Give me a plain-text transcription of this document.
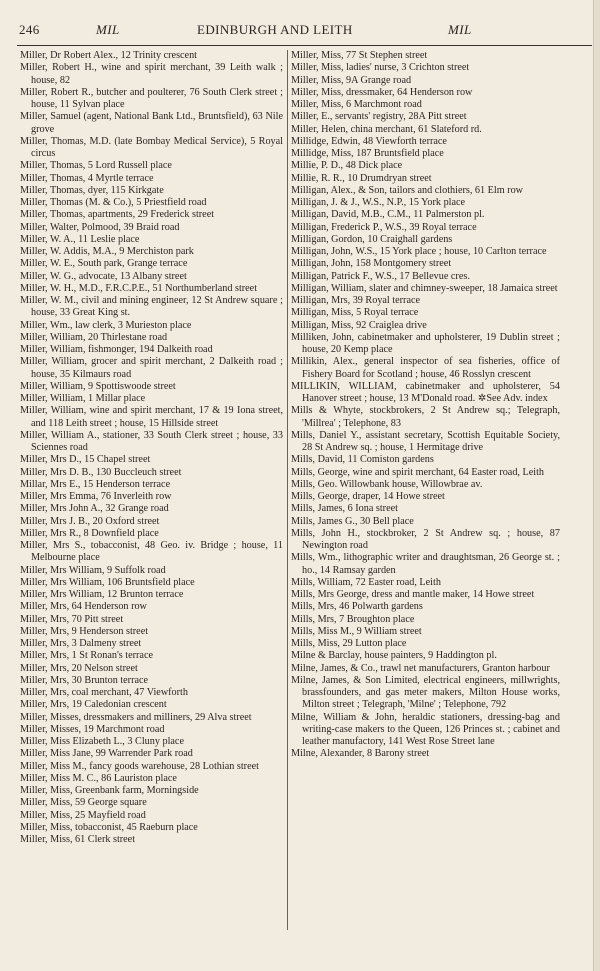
246	MIL	EDINBURGH AND LEITH	MIL
Miller, Dr Robert Alex., 12 Trinity crescent
Miller, Robert H., wine and spirit merchant, 39 Leith walk ; house, 82
Miller, Robert R., butcher and poulterer, 76 South Clerk street ; house, 11 Sylvan place
Miller, Samuel (agent, National Bank Ltd., Bruntsfield), 63 Nile grove
Miller, Thomas, M.D. (late Bombay Medical Service), 5 Royal circus
Miller, Thomas, 5 Lord Russell place
Miller, Thomas, 4 Myrtle terrace
Miller, Thomas, dyer, 115 Kirkgate
Miller, Thomas (M. & Co.), 5 Priestfield road
Miller, Thomas, apartments, 29 Frederick street
Miller, Walter, Polmood, 39 Braid road
Miller, W. A., 11 Leslie place
Miller, W. Addis, M.A., 9 Merchiston park
Miller, W. E., South park, Grange terrace
Miller, W. G., advocate, 13 Albany street
Miller, W. H., M.D., F.R.C.P.E., 51 Northumberland street
Miller, W. M., civil and mining engineer, 12 St Andrew square ; house, 33 Great King st.
Miller, Wm., law clerk, 3 Murieston place
Miller, William, 20 Thirlestane road
Miller, William, fishmonger, 194 Dalkeith road
Miller, William, grocer and spirit merchant, 2 Dalkeith road ; house, 35 Kilmaurs road
Miller, William, 9 Spottiswoode street
Miller, William, 1 Millar place
Miller, William, wine and spirit merchant, 17 & 19 Iona street, and 118 Leith street ; house, 15 Hillside street
Miller, William A., stationer, 33 South Clerk street ; house, 33 Sciennes road
Miller, Mrs D., 15 Chapel street
Miller, Mrs D. B., 130 Buccleuch street
Millar, Mrs E., 15 Henderson terrace
Miller, Mrs Emma, 76 Inverleith row
Miller, Mrs John A., 32 Grange road
Miller, Mrs J. B., 20 Oxford street
Miller, Mrs R., 8 Downfield place
Miller, Mrs S., tobacconist, 48 Geo. iv. Bridge ; house, 11 Melbourne place
Miller, Mrs William, 9 Suffolk road
Miller, Mrs William, 106 Bruntsfield place
Miller, Mrs William, 12 Brunton terrace
Miller, Mrs, 64 Henderson row
Miller, Mrs, 70 Pitt street
Miller, Mrs, 9 Henderson street
Miller, Mrs, 3 Dalmeny street
Miller, Mrs, 1 St Ronan's terrace
Miller, Mrs, 20 Nelson street
Miller, Mrs, 30 Brunton terrace
Miller, Mrs, coal merchant, 47 Viewforth
Miller, Mrs, 19 Caledonian crescent
Miller, Misses, dressmakers and milliners, 29 Alva street
Miller, Misses, 19 Marchmont road
Miller, Miss Elizabeth L., 3 Cluny place
Miller, Miss Jane, 99 Warrender Park road
Miller, Miss M., fancy goods warehouse, 28 Lothian street
Miller, Miss M. C., 86 Lauriston place
Miller, Miss, Greenbank farm, Morningside
Miller, Miss, 59 George square
Miller, Miss, 25 Mayfield road
Miller, Miss, tobacconist, 45 Raeburn place
Miller, Miss, 61 Clerk street
Miller, Miss, 77 St Stephen street
Miller, Miss, ladies' nurse, 3 Crichton street
Miller, Miss, 9A Grange road
Miller, Miss, dressmaker, 64 Henderson row
Miller, Miss, 6 Marchmont road
Miller, E., servants' registry, 28A Pitt street
Miller, Helen, china merchant, 61 Slateford rd.
Millidge, Edwin, 48 Viewforth terrace
Millidge, Miss, 187 Bruntsfield place
Millie, P. D., 48 Dick place
Millie, R. R., 10 Drumdryan street
Milligan, Alex., & Son, tailors and clothiers, 61 Elm row
Milligan, J. & J., W.S., N.P., 15 York place
Milligan, David, M.B., C.M., 11 Palmerston pl.
Milligan, Frederick P., W.S., 39 Royal terrace
Milligan, Gordon, 10 Craighall gardens
Milligan, John, W.S., 15 York place ; house, 10 Carlton terrace
Milligan, John, 158 Montgomery street
Milligan, Patrick F., W.S., 17 Bellevue cres.
Milligan, William, slater and chimney-sweeper, 18 Jamaica street
Milligan, Mrs, 39 Royal terrace
Milligan, Miss, 5 Royal terrace
Milligan, Miss, 92 Craiglea drive
Milliken, John, cabinetmaker and upholsterer, 19 Dublin street ; house, 20 Kemp place
Millikin, Alex., general inspector of sea fisheries, office of Fishery Board for Scotland ; house, 46 Rosslyn crescent
MILLIKIN, WILLIAM, cabinetmaker and upholsterer, 54 Hanover street ; house, 13 M'Donald road. ✲See Adv. index
Mills & Whyte, stockbrokers, 2 St Andrew sq.; Telegraph, 'Millrea' ; Telephone, 83
Mills, Daniel Y., assistant secretary, Scottish Equitable Society, 28 St Andrew sq. ; house, 1 Hermitage drive
Mills, David, 11 Comiston gardens
Mills, George, wine and spirit merchant, 64 Easter road, Leith
Mills, Geo. Willowbank house, Willowbrae av.
Mills, George, draper, 14 Howe street
Mills, James, 6 Iona street
Mills, James G., 30 Bell place
Mills, John H., stockbroker, 2 St Andrew sq. ; house, 87 Newington road
Mills, Wm., lithographic writer and draughtsman, 26 George st. ; ho., 14 Ramsay garden
Mills, William, 72 Easter road, Leith
Mills, Mrs George, dress and mantle maker, 14 Howe street
Mills, Mrs, 46 Polwarth gardens
Mills, Mrs, 7 Broughton place
Mills, Miss M., 9 William street
Mills, Miss, 29 Lutton place
Milne & Barclay, house painters, 9 Haddington pl.
Milne, James, & Co., trawl net manufacturers, Granton harbour
Milne, James, & Son Limited, electrical engineers, millwrights, brassfounders, and gas meter makers, Milton House works, Milton street ; Telegraph, 'Milne' ; Telephone, 792
Milne, William & John, heraldic stationers, dressing-bag and writing-case makers to the Queen, 126 Princes st. ; cabinet and leather manufactory, 141 West Rose Street lane
Milne, Alexander, 8 Barony street
